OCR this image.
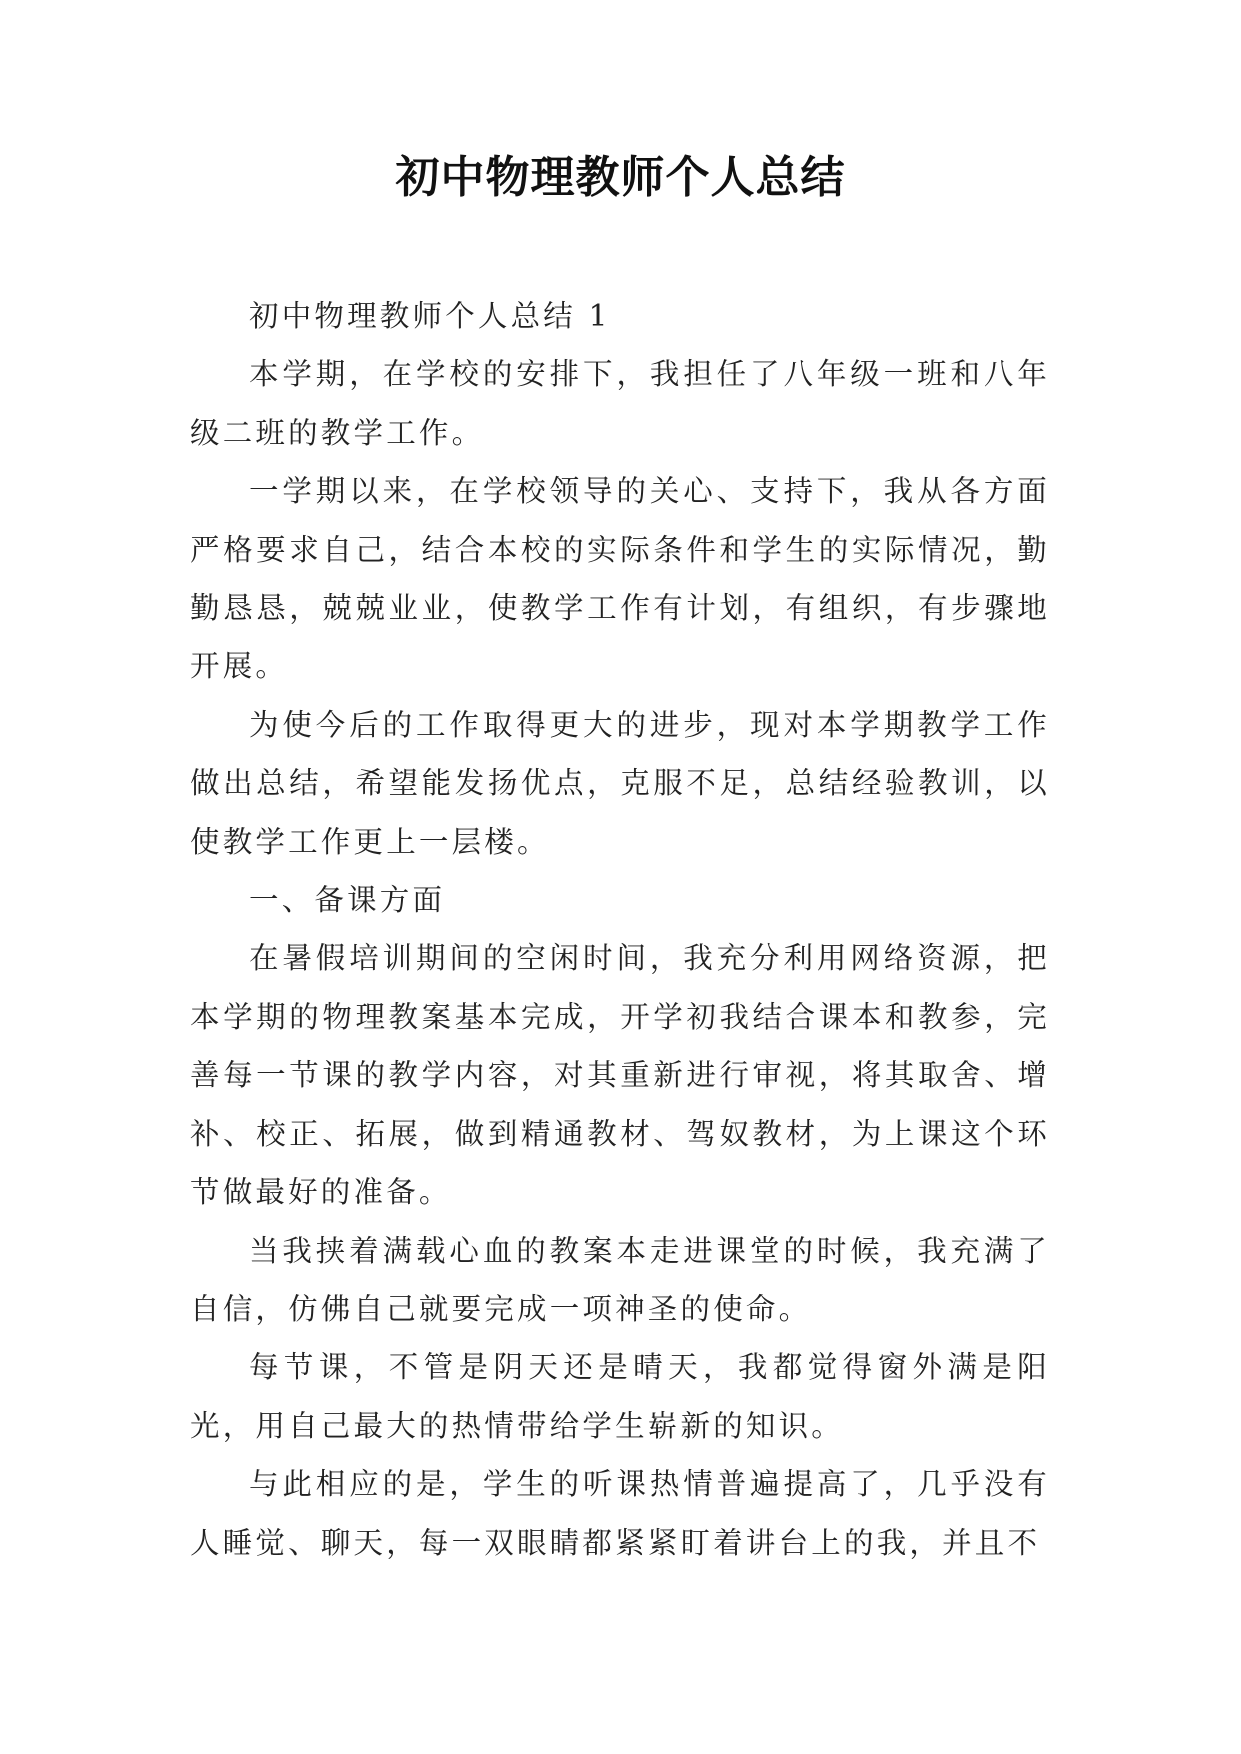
初中物理教师个人总结

初中物理教师个人总结 1

本学期，在学校的安排下，我担任了八年级一班和八年级二班的教学工作。

一学期以来，在学校领导的关心、支持下，我从各方面严格要求自己，结合本校的实际条件和学生的实际情况，勤勤恳恳，兢兢业业，使教学工作有计划，有组织，有步骤地开展。

为使今后的工作取得更大的进步，现对本学期教学工作做出总结，希望能发扬优点，克服不足，总结经验教训，以使教学工作更上一层楼。

一、备课方面

在暑假培训期间的空闲时间，我充分利用网络资源，把本学期的物理教案基本完成，开学初我结合课本和教参，完善每一节课的教学内容，对其重新进行审视，将其取舍、增补、校正、拓展，做到精通教材、驾奴教材，为上课这个环节做最好的准备。

当我挟着满载心血的教案本走进课堂的时候，我充满了自信，仿佛自己就要完成一项神圣的使命。

每节课，不管是阴天还是晴天，我都觉得窗外满是阳光，用自己最大的热情带给学生崭新的知识。

与此相应的是，学生的听课热情普遍提高了，几乎没有人睡觉、聊天，每一双眼睛都紧紧盯着讲台上的我，并且不
